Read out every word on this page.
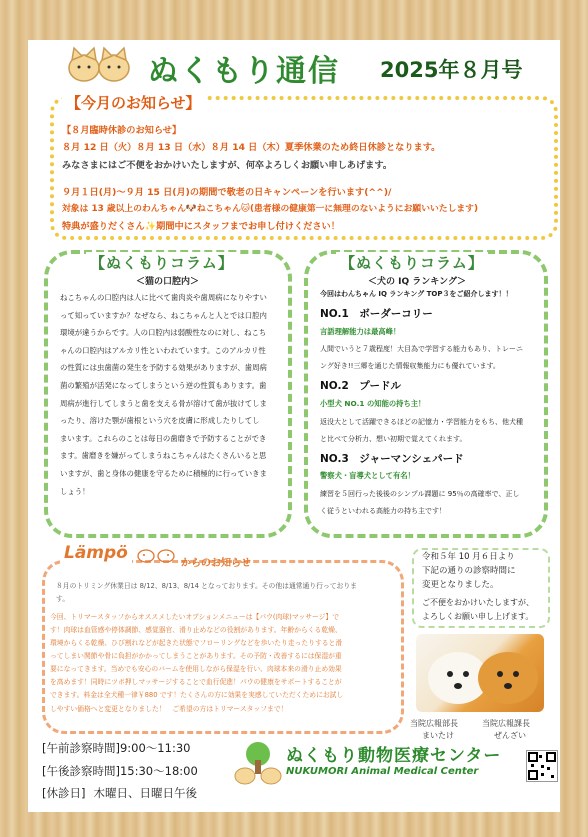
ぬくもり通信 2025年８月号
【今月のお知らせ】
【８月臨時休診のお知らせ】
８月 12 日（火）８月 13 日（水）８月 14 日（木）夏季休業のため終日休診となります。
みなさまにはご不便をおかけいたしますが、何卒よろしくお願い申しあげます。
９月１日(月)～９月 15 日(月)の期間で敬老の日キャンペーンを行います(^^)/
対象は 13 歳以上のわんちゃん🐶ねこちゃん🐱(患者様の健康第一に無理のないようにお願いいたします)
特典が盛りだくさん✨期間中にスタッフまでお申し付けください！
【ぬくもりコラム】
＜猫の口腔内＞
ねこちゃんの口腔内は人に比べて歯肉炎や歯周病になりやすい
って知っていますか？なぜなら、ねこちゃんと人とでは口腔内
環境が違うからです。人の口腔内は弱酸性なのに対し、ねこち
ゃんの口腔内はアルカリ性といわれています。このアルカリ性
の性質には虫歯菌の発生を予防する効果がありますが、歯周病
菌の繁殖が活発になってしまうという逆の性質もあります。歯
周病が進行してしまうと歯を支える骨が溶けて歯が抜けてしま
ったり、溶けた顎が歯根という穴を皮膚に形成したりしてし
まいます。これらのことは毎日の歯磨きで予防することができ
ます。歯磨きを嫌がってしまうねこちゃんはたくさんいると思
いますが、歯と身体の健康を守るために積極的に行っていきま
しょう！
【ぬくもりコラム】
＜犬の IQ ランキング＞
今回はわんちゃん IQ ランキング TOP３をご紹介します！！
NO.1　ボーダーコリー
言語理解能力は最高峰！
人間でいうと７歳程度！大目為で学習する能力もあり、トレーニ
ング好き!!三郷を通じた情報収集能力にも優れています。
NO.2　プードル
小型犬 NO.1 の知能の持ち主！
返没大として活躍できるほどの記憶力・学習能力をもち、他犬種
と比べて分析力、想い初期で覚えてくれます。
NO.3　ジャーマンシェパード
警察犬・盲導犬として有名！
練習を５回行った後後のシンプル課題に 95％の高確率で、正し
く従うといわれる高能力の持ち主です！
Lämpö
からのお知らせ
８月のトリミング休業日は 8/12、8/13、8/14 となっております。その他は通常通り行っておりま
す。
今回、トリマースタッフからオススメしたいオプションメニューは【パウ(肉球)マッサージ】で
す！肉球は血管感や停体調節、感覚器官、滑り止めなどの役割があります。年齢からくる乾燥、
環境からくる乾燥、ひび割れなどが起きた状態でフローリングなどを歩いたり走ったりすると滑
ってしまい関節や骨に負担がかかってしまうことがあります。その予防・改善するには保湿が重
要になってきます。当めでも安心のバームを使用しながら保湿を行い、肉球本来の滑り止め効果
を高めます！同時にツボ押しマッサージすることで血行促進！パウの健康をサポートすることが
できます。料金は全犬種一律￥880 です！たくさんの方に効果を実感していただくためにお試し
しやすい価格へと変更となりました！　ご希望の方はトリマースタッフまで！
令和５年 10 月６日より
下記の通りの診察時間に
変更となりました。
ご不便をおかけいたしますが、
よろしくお願い申し上げます。
当院広報部長
まいたけ
当院広報課長
ぜんざい
[午前診察時間]9:00～11:30
[午後診察時間]15:30～18:00
[休診日] 木曜日、日曜日午後
ぬくもり動物医療センター
NUKUMORI Animal Medical Center
